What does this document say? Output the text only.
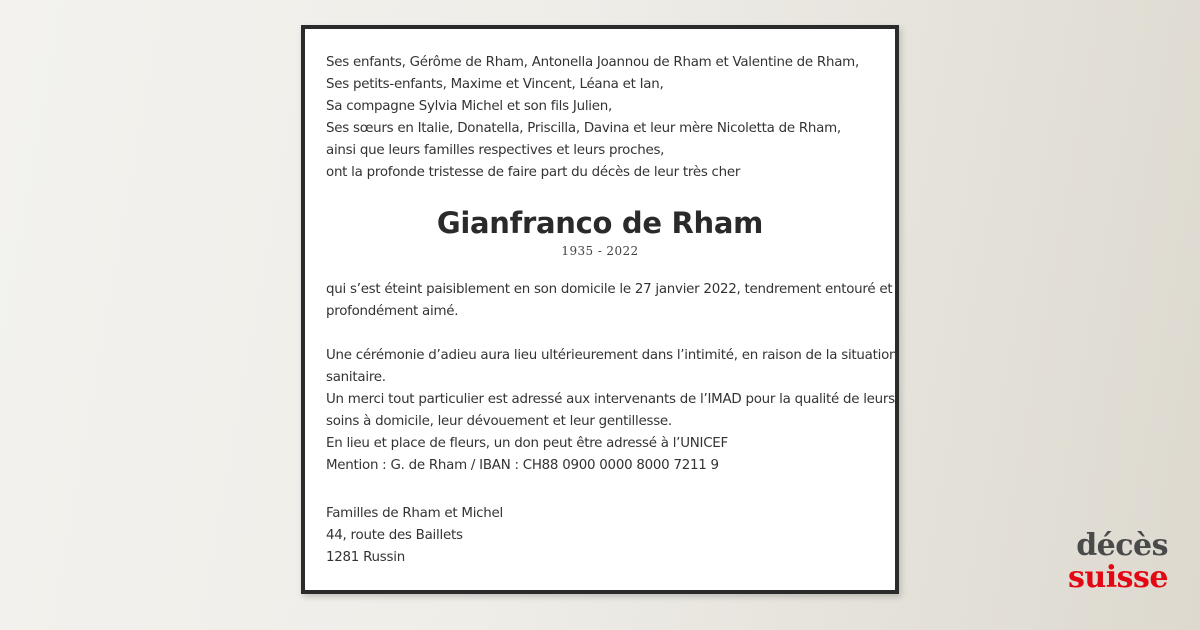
Ses enfants, Gérôme de Rham, Antonella Joannou de Rham et Valentine de Rham,
Ses petits-enfants, Maxime et Vincent, Léana et Ian,
Sa compagne Sylvia Michel et son fils Julien,
Ses sœurs en Italie, Donatella, Priscilla, Davina et leur mère Nicoletta de Rham,
ainsi que leurs familles respectives et leurs proches,
ont la profonde tristesse de faire part du décès de leur très cher
qui s’est éteint paisiblement en son domicile le 27 janvier 2022, tendrement entouré et
profondément aimé.
Une cérémonie d’adieu aura lieu ultérieurement dans l’intimité, en raison de la situation
sanitaire.
Un merci tout particulier est adressé aux intervenants de l’IMAD pour la qualité de leurs
soins à domicile, leur dévouement et leur gentillesse.
En lieu et place de fleurs, un don peut être adressé à l’UNICEF
Mention : G. de Rham / IBAN : CH88 0900 0000 8000 7211 9
Familles de Rham et Michel
44, route des Baillets
1281 Russin
Gianfranco de Rham
1935 - 2022
décès
suisse
